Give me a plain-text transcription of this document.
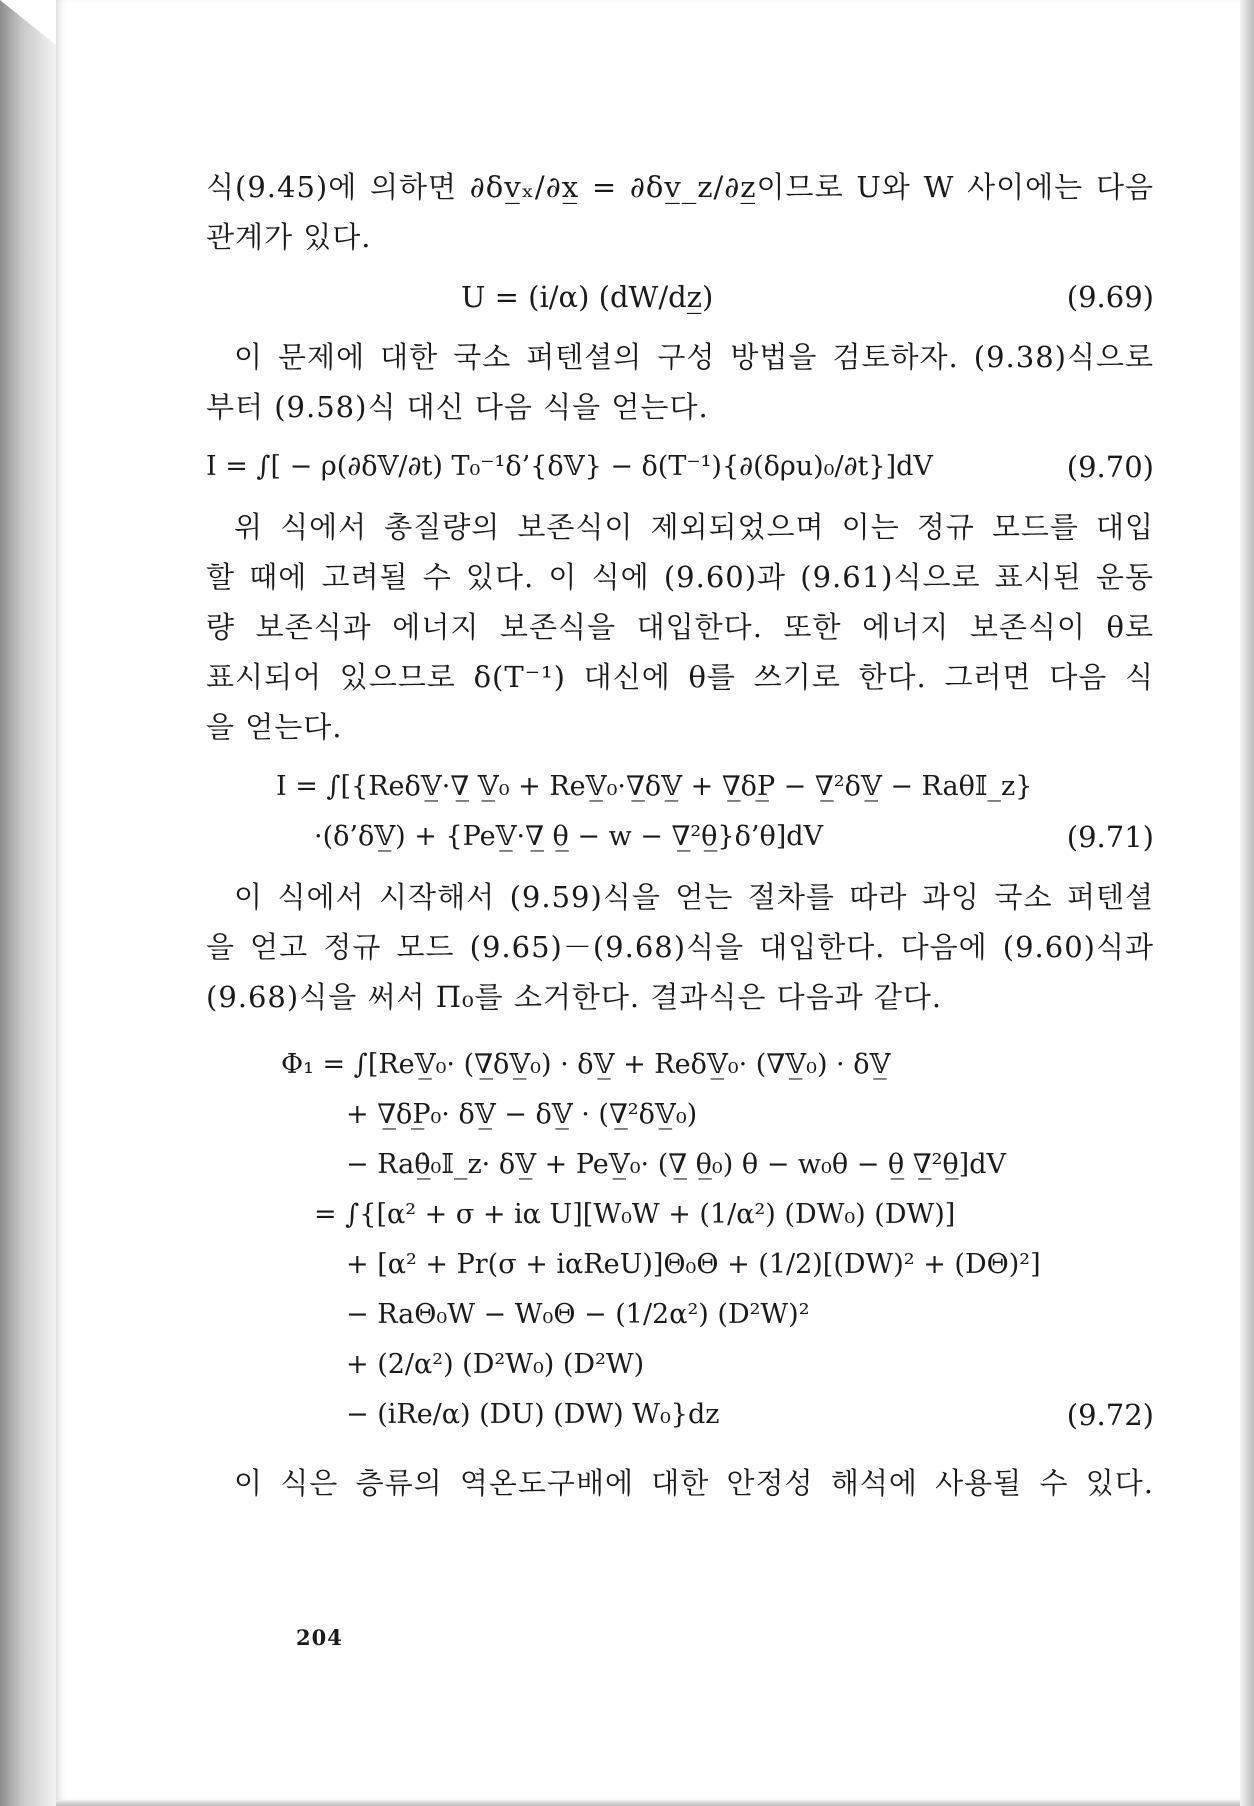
식(9.45)에 의하면 ∂δv̲ₓ/∂x̲ = ∂δv̲_z/∂z̲이므로 U와 W 사이에는 다음
관계가 있다.

U = (i/α) (dW/dz̲)	(9.69)

이 문제에 대한 국소 퍼텐셜의 구성 방법을 검토하자. (9.38)식으로
부터 (9.58)식 대신 다음 식을 얻는다.

I = ∫[ − ρ(∂δ𝕍/∂t) T₀⁻¹δ’{δ𝕍} − δ(T⁻¹){∂(δρu)₀/∂t}]dV	(9.70)

위 식에서 총질량의 보존식이 제외되었으며 이는 정규 모드를 대입
할 때에 고려될 수 있다. 이 식에 (9.60)과 (9.61)식으로 표시된 운동
량 보존식과 에너지 보존식을 대입한다. 또한 에너지 보존식이 θ로
표시되어 있으므로 δ(T⁻¹) 대신에 θ를 쓰기로 한다. 그러면 다음 식
을 얻는다.

I = ∫[{Reδ𝕍̲·∇̲ 𝕍̲₀ + Re𝕍̲₀·∇̲δ𝕍̲ + ∇̲δP̲ − ∇̲²δ𝕍̲ − Raθ𝕀_z}
·(δ’δ𝕍̲) + {Pe𝕍̲·∇̲ θ̲ − w − ∇̲²θ̲}δ’θ]dV	(9.71)

이 식에서 시작해서 (9.59)식을 얻는 절차를 따라 과잉 국소 퍼텐셜
을 얻고 정규 모드 (9.65)－(9.68)식을 대입한다. 다음에 (9.60)식과
(9.68)식을 써서 Π₀를 소거한다. 결과식은 다음과 같다.

Φ₁ = ∫[Re𝕍̲₀· (∇̲δ𝕍̲₀) · δ𝕍̲ + Reδ𝕍̲₀· (∇𝕍̲₀) · δ𝕍̲
+ ∇̲δP̲₀· δ𝕍̲ − δ𝕍̲ · (∇̲²δ𝕍̲₀)
− Raθ̲̇₀𝕀_z· δ𝕍̲ + Pe𝕍̲₀· (∇̲ θ̲₀) θ − w₀θ − θ̲ ∇̲²θ̲]dV
= ∫{[α² + σ + iα U][W₀W + (1/α²) (DW₀) (DW)]
+ [α² + Pr(σ + iαReU)]Θ₀Θ + (1/2)[(DW)² + (DΘ)²]
− RaΘ₀W − W₀Θ − (1/2α²) (D²W)²
+ (2/α²) (D²W₀) (D²W)
− (iRe/α) (DU) (DW) W₀}dz	(9.72)

이 식은 층류의 역온도구배에 대한 안정성 해석에 사용될 수 있다.

204
